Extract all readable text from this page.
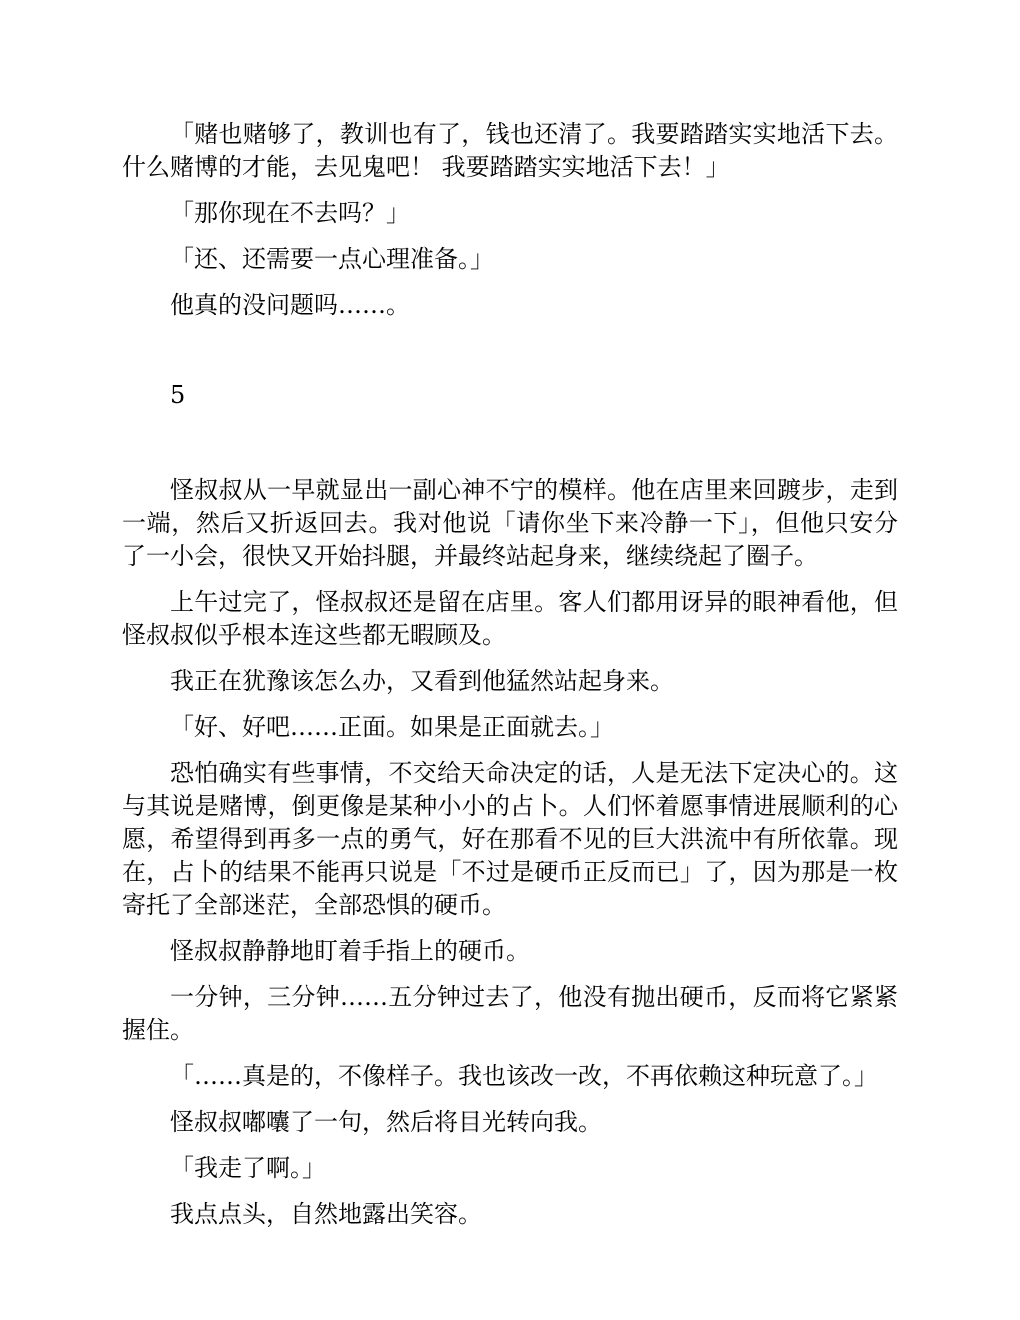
「赌也赌够了，教训也有了，钱也还清了。我要踏踏实实地活下去。什么赌博的才能，去见鬼吧！ 我要踏踏实实地活下去！」

「那你现在不去吗？」

「还、还需要一点心理准备。」

他真的没问题吗……。

5

怪叔叔从一早就显出一副心神不宁的模样。他在店里来回踱步，走到一端，然后又折返回去。我对他说「请你坐下来冷静一下」，但他只安分了一小会，很快又开始抖腿，并最终站起身来，继续绕起了圈子。

上午过完了，怪叔叔还是留在店里。客人们都用讶异的眼神看他，但怪叔叔似乎根本连这些都无暇顾及。

我正在犹豫该怎么办，又看到他猛然站起身来。

「好、好吧……正面。如果是正面就去。」

恐怕确实有些事情，不交给天命决定的话，人是无法下定决心的。这与其说是赌博，倒更像是某种小小的占卜。人们怀着愿事情进展顺利的心愿，希望得到再多一点的勇气，好在那看不见的巨大洪流中有所依靠。现在，占卜的结果不能再只说是「不过是硬币正反而已」了，因为那是一枚寄托了全部迷茫，全部恐惧的硬币。

怪叔叔静静地盯着手指上的硬币。

一分钟，三分钟……五分钟过去了，他没有抛出硬币，反而将它紧紧握住。

「……真是的，不像样子。我也该改一改，不再依赖这种玩意了。」

怪叔叔嘟囔了一句，然后将目光转向我。

「我走了啊。」

我点点头，自然地露出笑容。
